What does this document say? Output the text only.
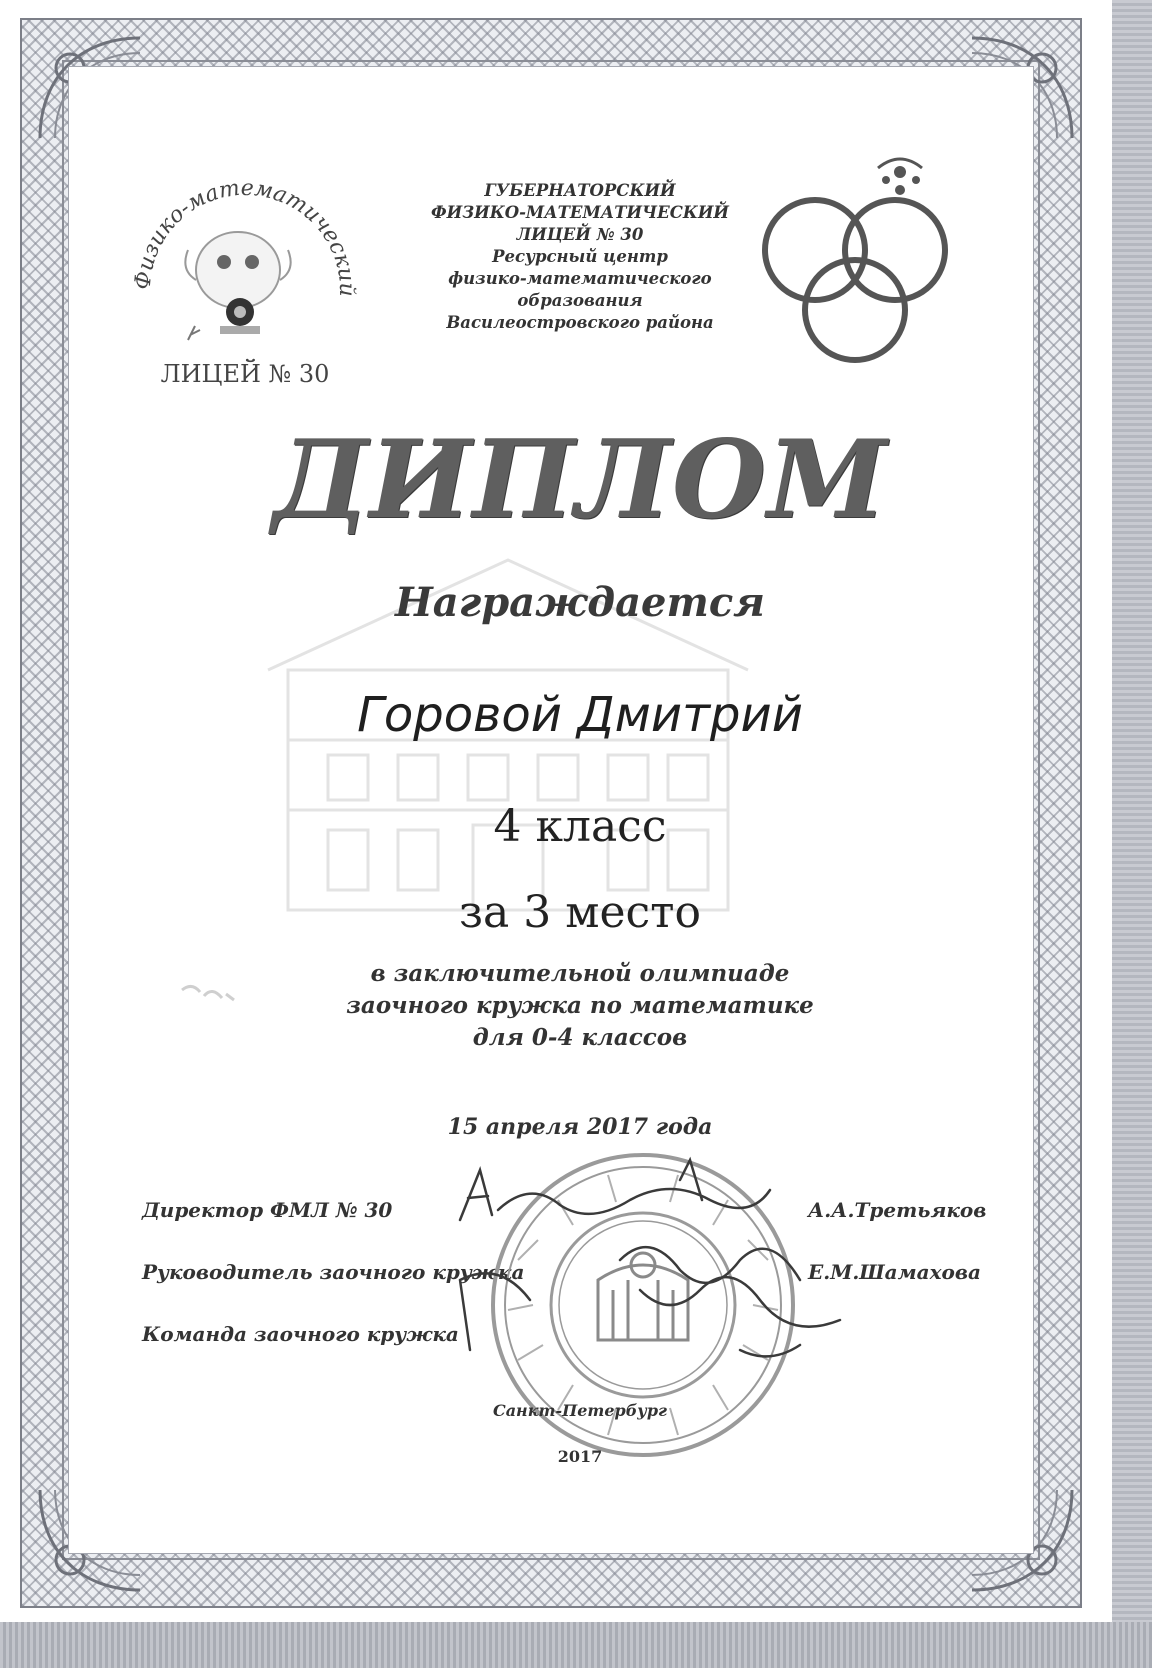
Физико-математический
ЛИЦЕЙ № 30
ГУБЕРНАТОРСКИЙ
ФИЗИКО-МАТЕМАТИЧЕСКИЙ
ЛИЦЕЙ № 30
Ресурсный центр
физико-математического
образования
Василеостровского района
ДИПЛОМ
Награждается
Горовой Дмитрий
4 класс
за 3 место
в заключительной олимпиаде
заочного кружка по математике
для 0-4 классов
15 апреля 2017 года
Директор ФМЛ № 30	А.А.Третьяков
Руководитель заочного кружка	Е.М.Шамахова
Команда заочного кружка
Санкт-Петербург
2017
